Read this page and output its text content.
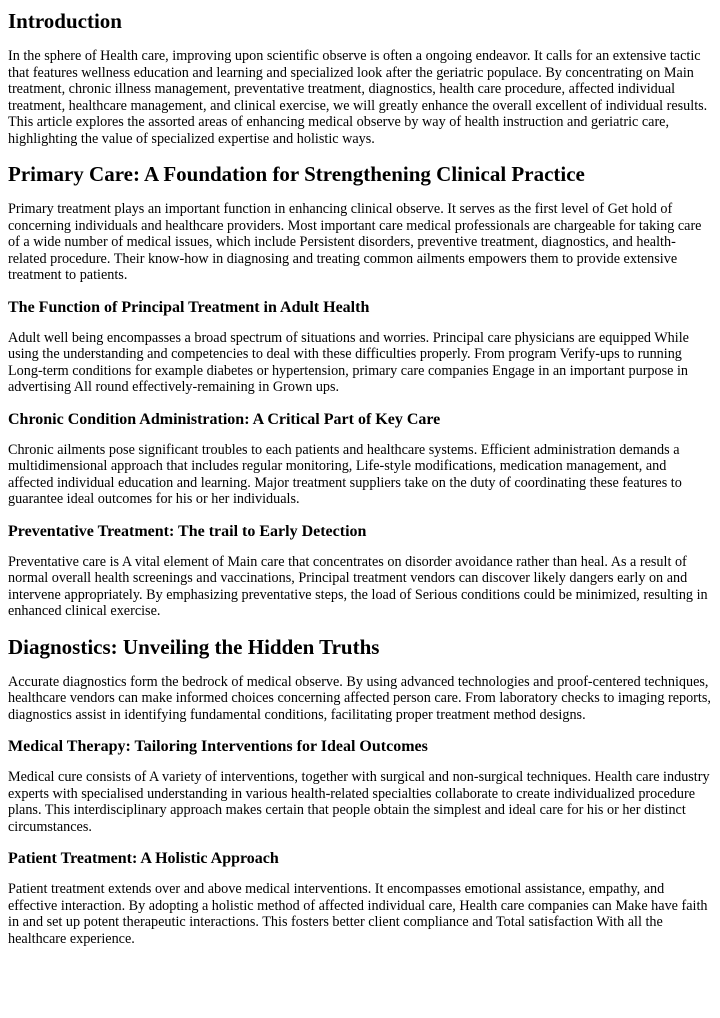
Introduction

In the sphere of Health care, improving upon scientific observe is often a ongoing endeavor. It calls for an extensive tactic that features wellness education and learning and specialized look after the geriatric populace. By concentrating on Main treatment, chronic illness management, preventative treatment, diagnostics, health care procedure, affected individual treatment, healthcare management, and clinical exercise, we will greatly enhance the overall excellent of individual results. This article explores the assorted areas of enhancing medical observe by way of health instruction and geriatric care, highlighting the value of specialized expertise and holistic ways.

Primary Care: A Foundation for Strengthening Clinical Practice

Primary treatment plays an important function in enhancing clinical observe. It serves as the first level of Get hold of concerning individuals and healthcare providers. Most important care medical professionals are chargeable for taking care of a wide number of medical issues, which include Persistent disorders, preventive treatment, diagnostics, and health-related procedure. Their know-how in diagnosing and treating common ailments empowers them to provide extensive treatment to patients.

The Function of Principal Treatment in Adult Health

Adult well being encompasses a broad spectrum of situations and worries. Principal care physicians are equipped While using the understanding and competencies to deal with these difficulties properly. From program Verify-ups to running Long-term conditions for example diabetes or hypertension, primary care companies Engage in an important purpose in advertising All round effectively-remaining in Grown ups.

Chronic Condition Administration: A Critical Part of Key Care

Chronic ailments pose significant troubles to each patients and healthcare systems. Efficient administration demands a multidimensional approach that includes regular monitoring, Life-style modifications, medication management, and affected individual education and learning. Major treatment suppliers take on the duty of coordinating these features to guarantee ideal outcomes for his or her individuals.

Preventative Treatment: The trail to Early Detection

Preventative care is A vital element of Main care that concentrates on disorder avoidance rather than heal. As a result of normal overall health screenings and vaccinations, Principal treatment vendors can discover likely dangers early on and intervene appropriately. By emphasizing preventative steps, the load of Serious conditions could be minimized, resulting in enhanced clinical exercise.

Diagnostics: Unveiling the Hidden Truths

Accurate diagnostics form the bedrock of medical observe. By using advanced technologies and proof-centered techniques, healthcare vendors can make informed choices concerning affected person care. From laboratory checks to imaging reports, diagnostics assist in identifying fundamental conditions, facilitating proper treatment method designs.

Medical Therapy: Tailoring Interventions for Ideal Outcomes

Medical cure consists of A variety of interventions, together with surgical and non-surgical techniques. Health care industry experts with specialised understanding in various health-related specialties collaborate to create individualized procedure plans. This interdisciplinary approach makes certain that people obtain the simplest and ideal care for his or her distinct circumstances.

Patient Treatment: A Holistic Approach

Patient treatment extends over and above medical interventions. It encompasses emotional assistance, empathy, and effective interaction. By adopting a holistic method of affected individual care, Health care companies can Make have faith in and set up potent therapeutic interactions. This fosters better client compliance and Total satisfaction With all the healthcare experience.
